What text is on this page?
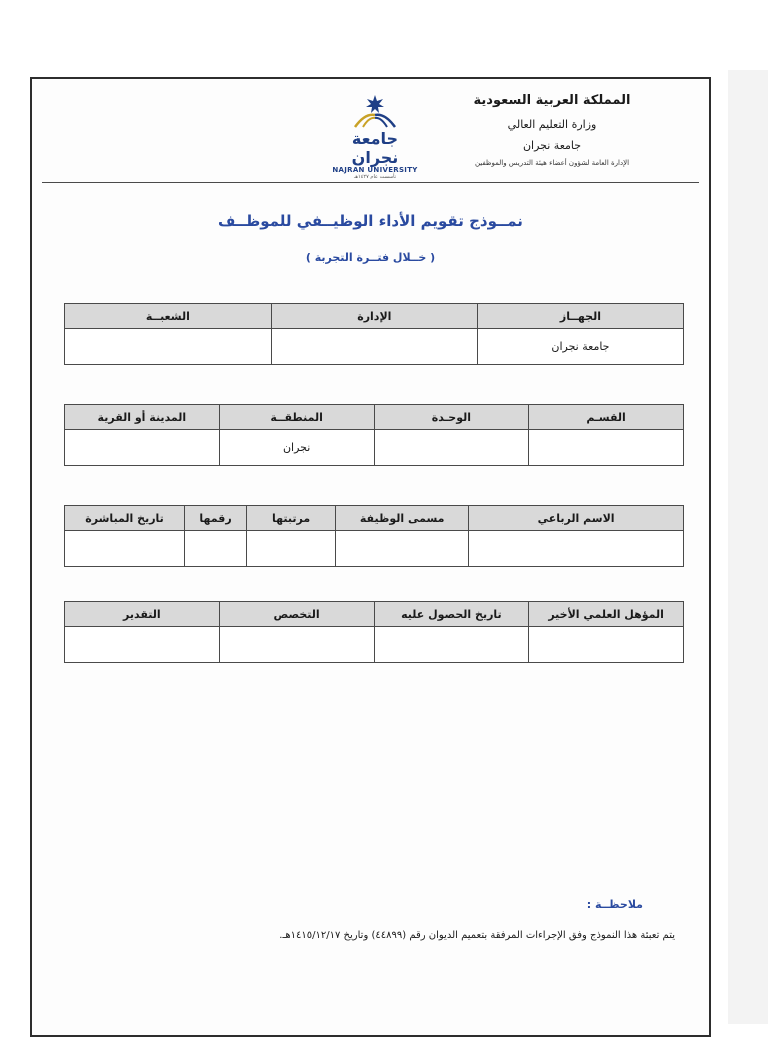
المملكة العربية السعودية
وزارة التعليم العالي
جامعة نجران
الإدارة العامة لشؤون أعضاء هيئة التدريس والموظفين
جامعة نجران
NAJRAN UNIVERSITY
تأسست عام ١٤٢٧هـ
نمــوذج تقويم الأداء الوظيــفي للموظــف
( خــلال فتــرة التجربة )
الجهــاز	الإدارة	الشعبــة
جامعة نجران		
القسـم	الوحـدة	المنطقــة	المدينة أو القرية
		نجران	
الاسم الرباعي	مسمى الوظيفة	مرتبتها	رقمها	تاريخ المباشرة

المؤهل العلمي الأخير	تاريخ الحصول عليه	التخصص	التقدير

ملاحظــة :
يتم تعبئة هذا النموذج وفق الإجراءات المرفقة بتعميم الديوان رقم (٤٤٨٩٩) وتاريخ ١٤١٥/١٢/١٧هـ.
